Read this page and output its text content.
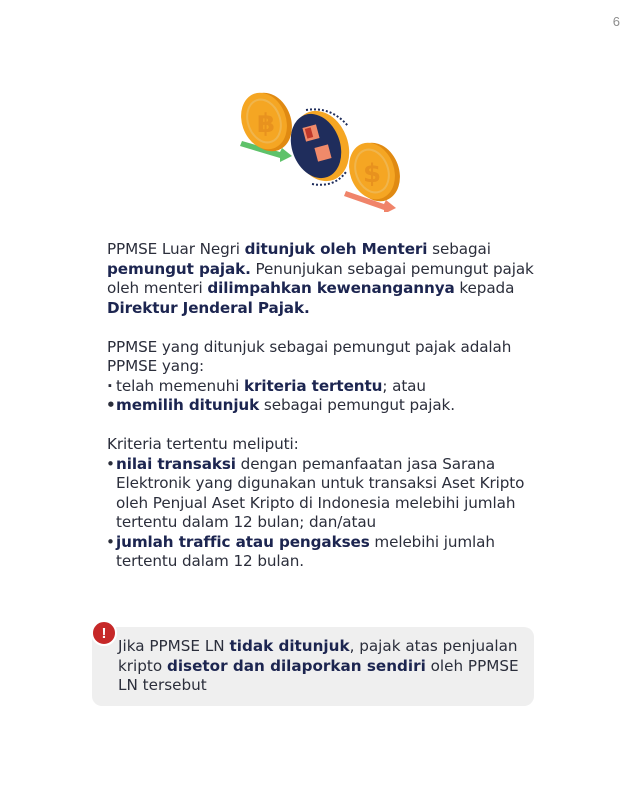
6
฿
$

PPMSE Luar Negri ditunjuk oleh Menteri sebagai pemungut pajak. Penunjukan sebagai pemungut pajak oleh menteri dilimpahkan kewenangannya kepada Direktur Jenderal Pajak.

PPMSE yang ditunjuk sebagai pemungut pajak adalah PPMSE yang:
· telah memenuhi kriteria tertentu; atau
• memilih ditunjuk sebagai pemungut pajak.
Kriteria tertentu meliputi:
• nilai transaksi dengan pemanfaatan jasa Sarana Elektronik yang digunakan untuk transaksi Aset Kripto oleh Penjual Aset Kripto di Indonesia melebihi jumlah tertentu dalam 12 bulan; dan/atau
• jumlah traffic atau pengakses melebihi jumlah tertentu dalam 12 bulan.
Jika PPMSE LN tidak ditunjuk, pajak atas penjualan kripto disetor dan dilaporkan sendiri oleh PPMSE LN tersebut
!
